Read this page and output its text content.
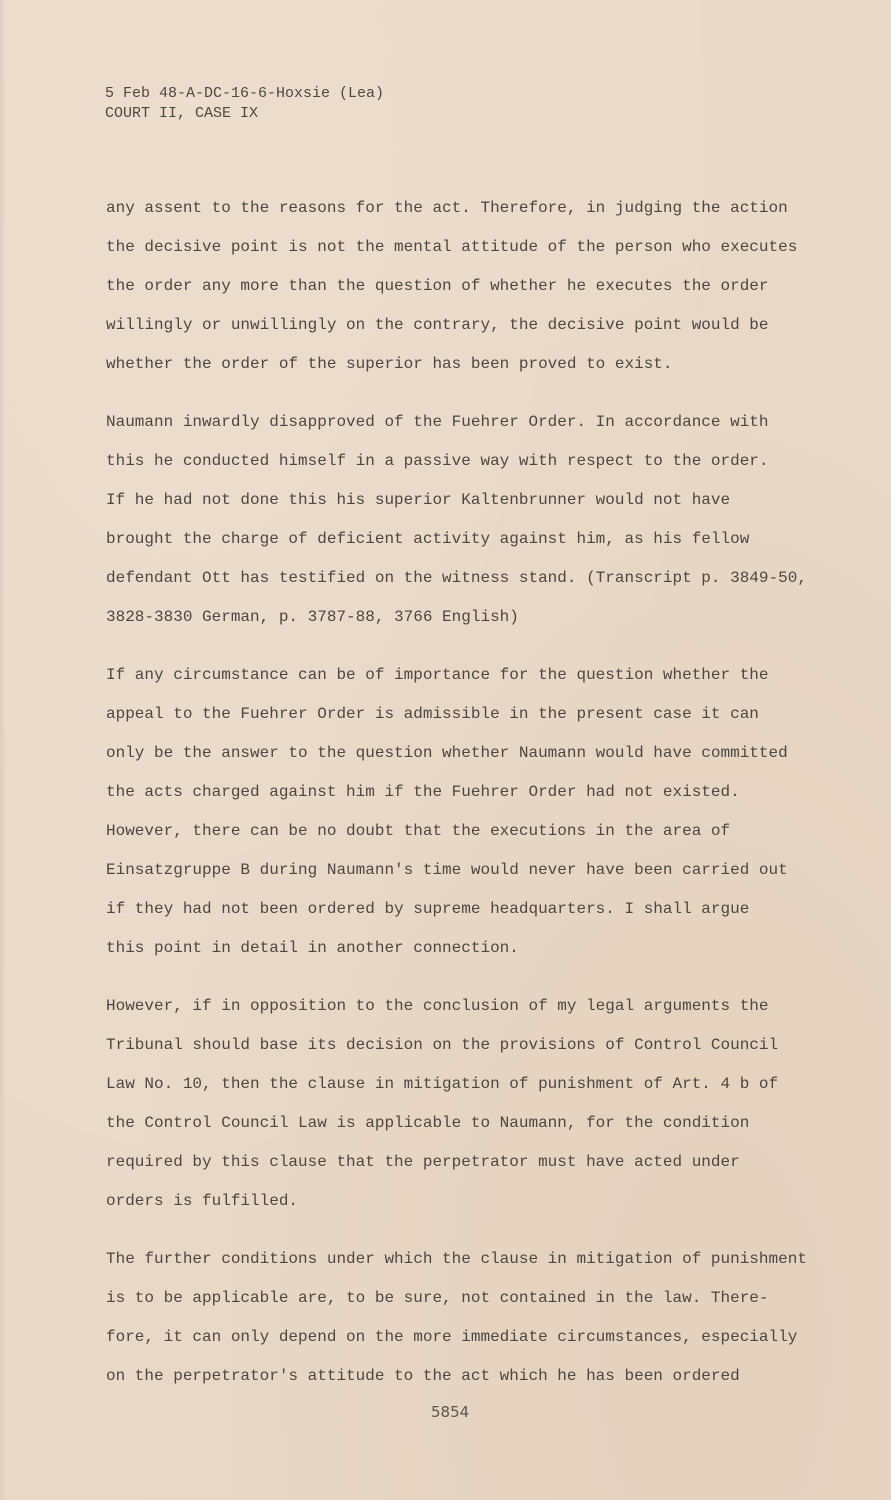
5 Feb 48-A-DC-16-6-Hoxsie (Lea)
COURT II, CASE IX

any assent to the reasons for the act. Therefore, in judging the action
the decisive point is not the mental attitude of the person who executes
the order any more than the question of whether he executes the order
willingly or unwillingly on the contrary, the decisive point would be
whether the order of the superior has been proved to exist.

Naumann inwardly disapproved of the Fuehrer Order. In accordance with
this he conducted himself in a passive way with respect to the order.
If he had not done this his superior Kaltenbrunner would not have
brought the charge of deficient activity against him, as his fellow
defendant Ott has testified on the witness stand. (Transcript p. 3849-50,
3828-3830 German, p. 3787-88, 3766 English)

If any circumstance can be of importance for the question whether the
appeal to the Fuehrer Order is admissible in the present case it can
only be the answer to the question whether Naumann would have committed
the acts charged against him if the Fuehrer Order had not existed.
However, there can be no doubt that the executions in the area of
Einsatzgruppe B during Naumann's time would never have been carried out
if they had not been ordered by supreme headquarters. I shall argue
this point in detail in another connection.

However, if in opposition to the conclusion of my legal arguments the
Tribunal should base its decision on the provisions of Control Council
Law No. 10, then the clause in mitigation of punishment of Art. 4 b of
the Control Council Law is applicable to Naumann, for the condition
required by this clause that the perpetrator must have acted under
orders is fulfilled.

The further conditions under which the clause in mitigation of punishment
is to be applicable are, to be sure, not contained in the law. There-
fore, it can only depend on the more immediate circumstances, especially
on the perpetrator's attitude to the act which he has been ordered

5854
